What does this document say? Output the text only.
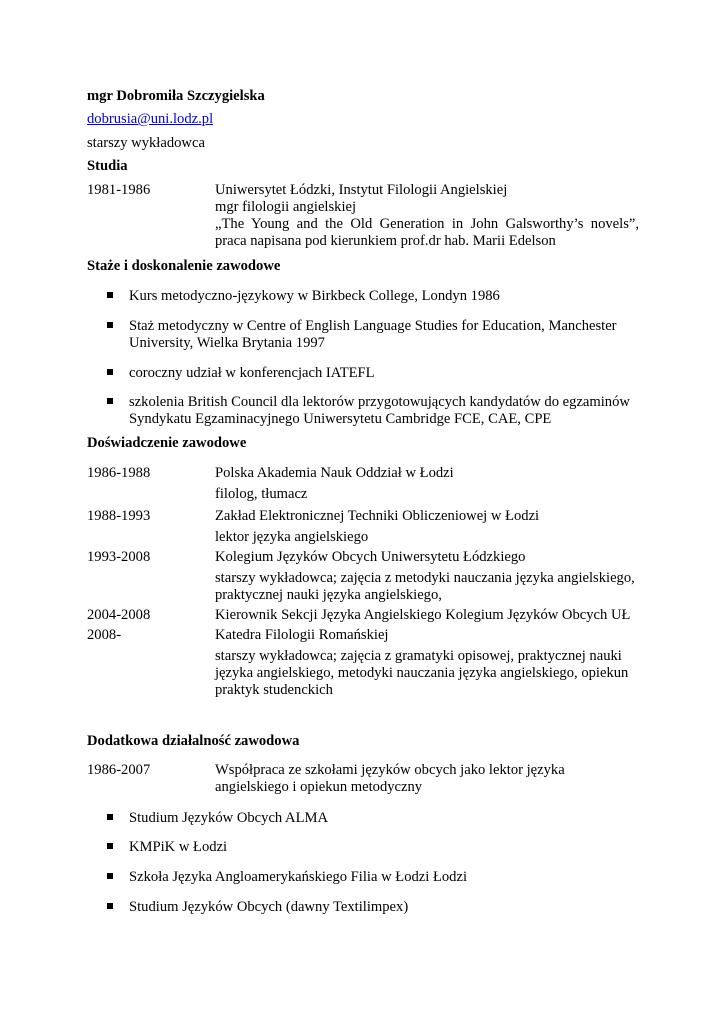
mgr Dobromiła Szczygielska
dobrusia@uni.lodz.pl
starszy wykładowca
Studia
1981-1986	Uniwersytet Łódzki, Instytut Filologii Angielskiej
mgr filologii angielskiej
„The Young and the Old Generation in John Galsworthy’s novels”,
praca napisana pod kierunkiem prof.dr hab. Marii Edelson
Staże i doskonalenie zawodowe
Kurs metodyczno-językowy w Birkbeck College, Londyn 1986
Staż metodyczny w Centre of English Language Studies for Education, Manchester
University, Wielka Brytania 1997
coroczny udział w konferencjach IATEFL
szkolenia British Council dla lektorów przygotowujących kandydatów do egzaminów
Syndykatu Egzaminacyjnego Uniwersytetu Cambridge FCE, CAE, CPE
Doświadczenie zawodowe
1986-1988	Polska Akademia Nauk Oddział w Łodzi
filolog, tłumacz
1988-1993	Zakład Elektronicznej Techniki Obliczeniowej w Łodzi
lektor języka angielskiego
1993-2008	Kolegium Języków Obcych Uniwersytetu Łódzkiego
starszy wykładowca; zajęcia z metodyki nauczania języka angielskiego,
praktycznej nauki języka angielskiego,
2004-2008	Kierownik Sekcji Języka Angielskiego Kolegium Języków Obcych UŁ
2008-	Katedra Filologii Romańskiej
starszy wykładowca; zajęcia z gramatyki opisowej, praktycznej nauki
języka angielskiego, metodyki nauczania języka angielskiego, opiekun
praktyk studenckich
Dodatkowa działalność zawodowa
1986-2007	Współpraca ze szkołami języków obcych jako lektor języka
angielskiego i opiekun metodyczny
Studium Języków Obcych ALMA
KMPiK w Łodzi
Szkoła Języka Angloamerykańskiego Filia w Łodzi Łodzi
Studium Języków Obcych (dawny Textilimpex)
